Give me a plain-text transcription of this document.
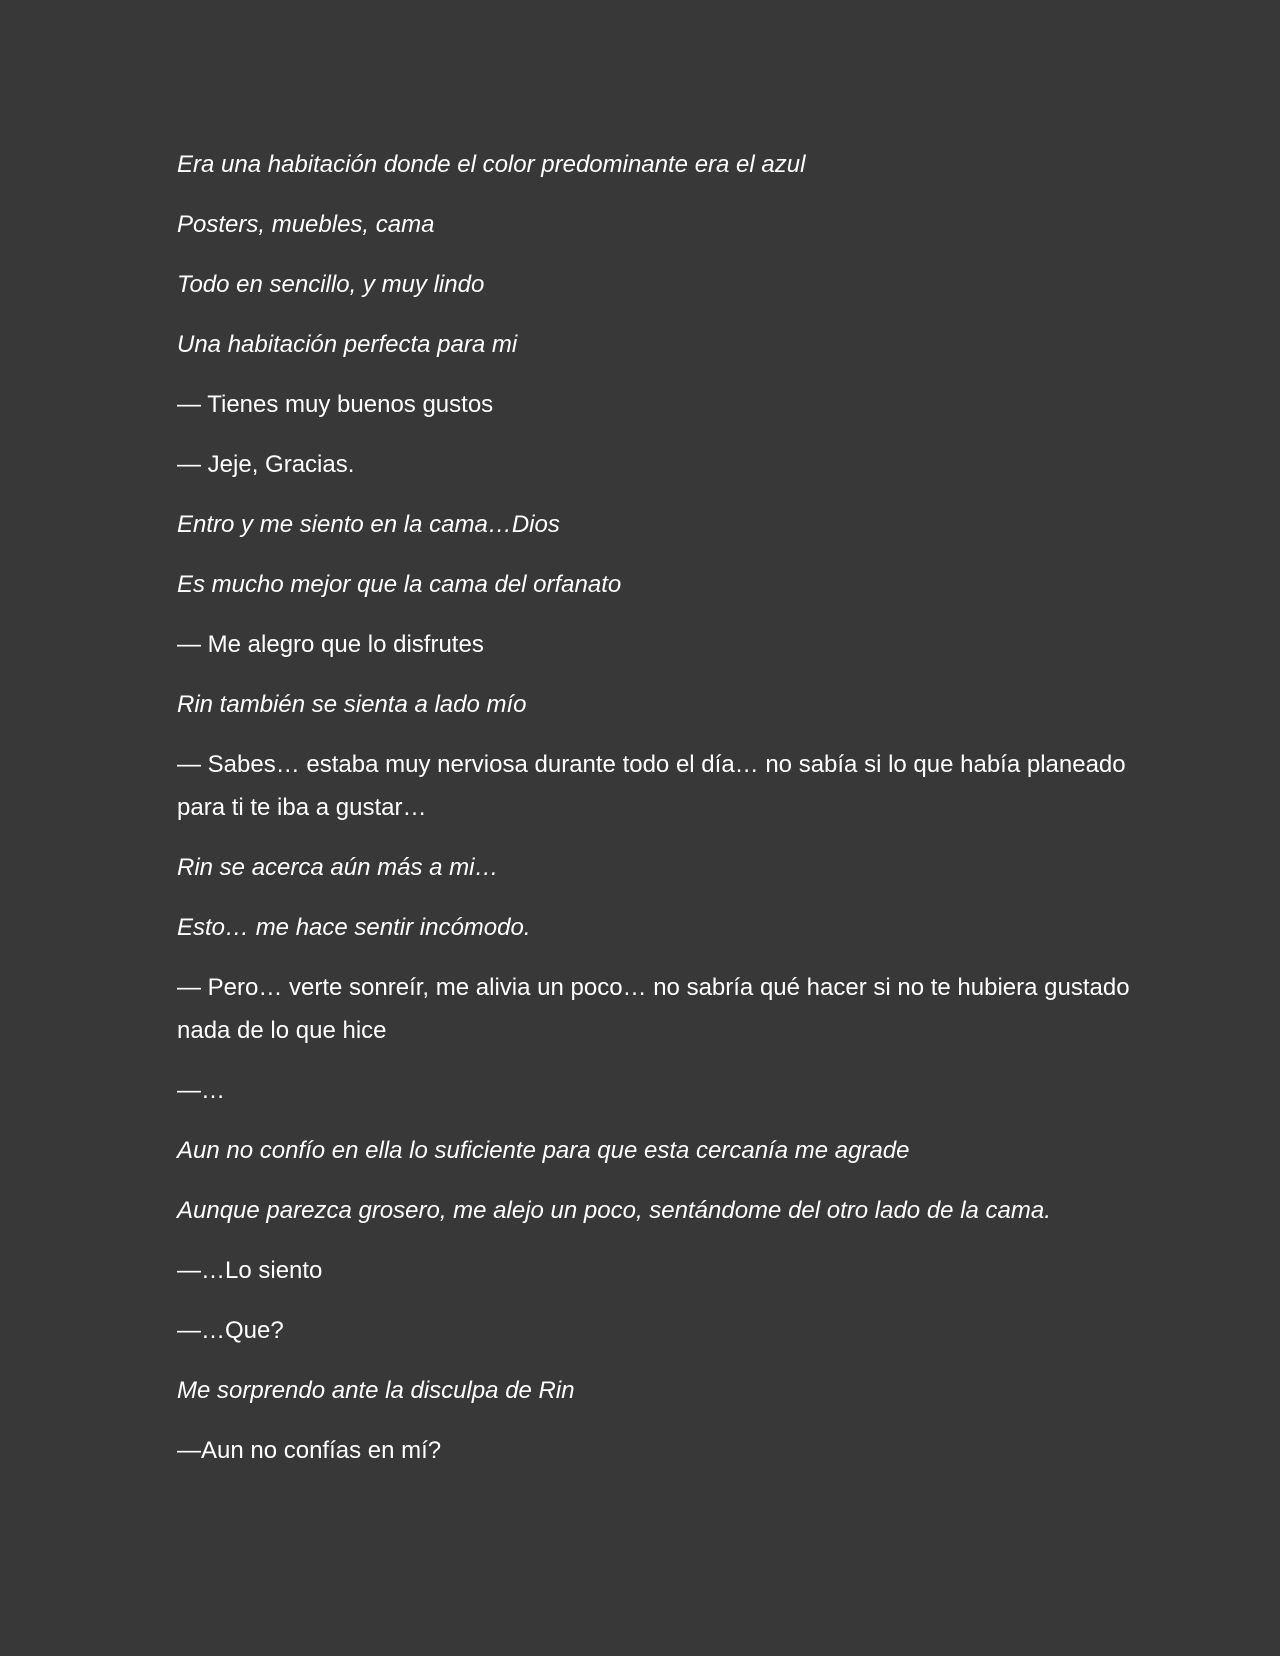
Era una habitación donde el color predominante era el azul

Posters, muebles, cama

Todo en sencillo, y muy lindo

Una habitación perfecta para mi

— Tienes muy buenos gustos

— Jeje, Gracias.

Entro y me siento en la cama…Dios

Es mucho mejor que la cama del orfanato

— Me alegro que lo disfrutes

Rin también se sienta a lado mío

— Sabes… estaba muy nerviosa durante todo el día… no sabía si lo que había planeado para ti te iba a gustar…

Rin se acerca aún más a mi…

Esto… me hace sentir incómodo.

— Pero… verte sonreír, me alivia un poco… no sabría qué hacer si no te hubiera gustado nada de lo que hice

—…

Aun no confío en ella lo suficiente para que esta cercanía me agrade

Aunque parezca grosero, me alejo un poco, sentándome del otro lado de la cama.

—…Lo siento

—…Que?

Me sorprendo ante la disculpa de Rin

—Aun no confías en mí?
